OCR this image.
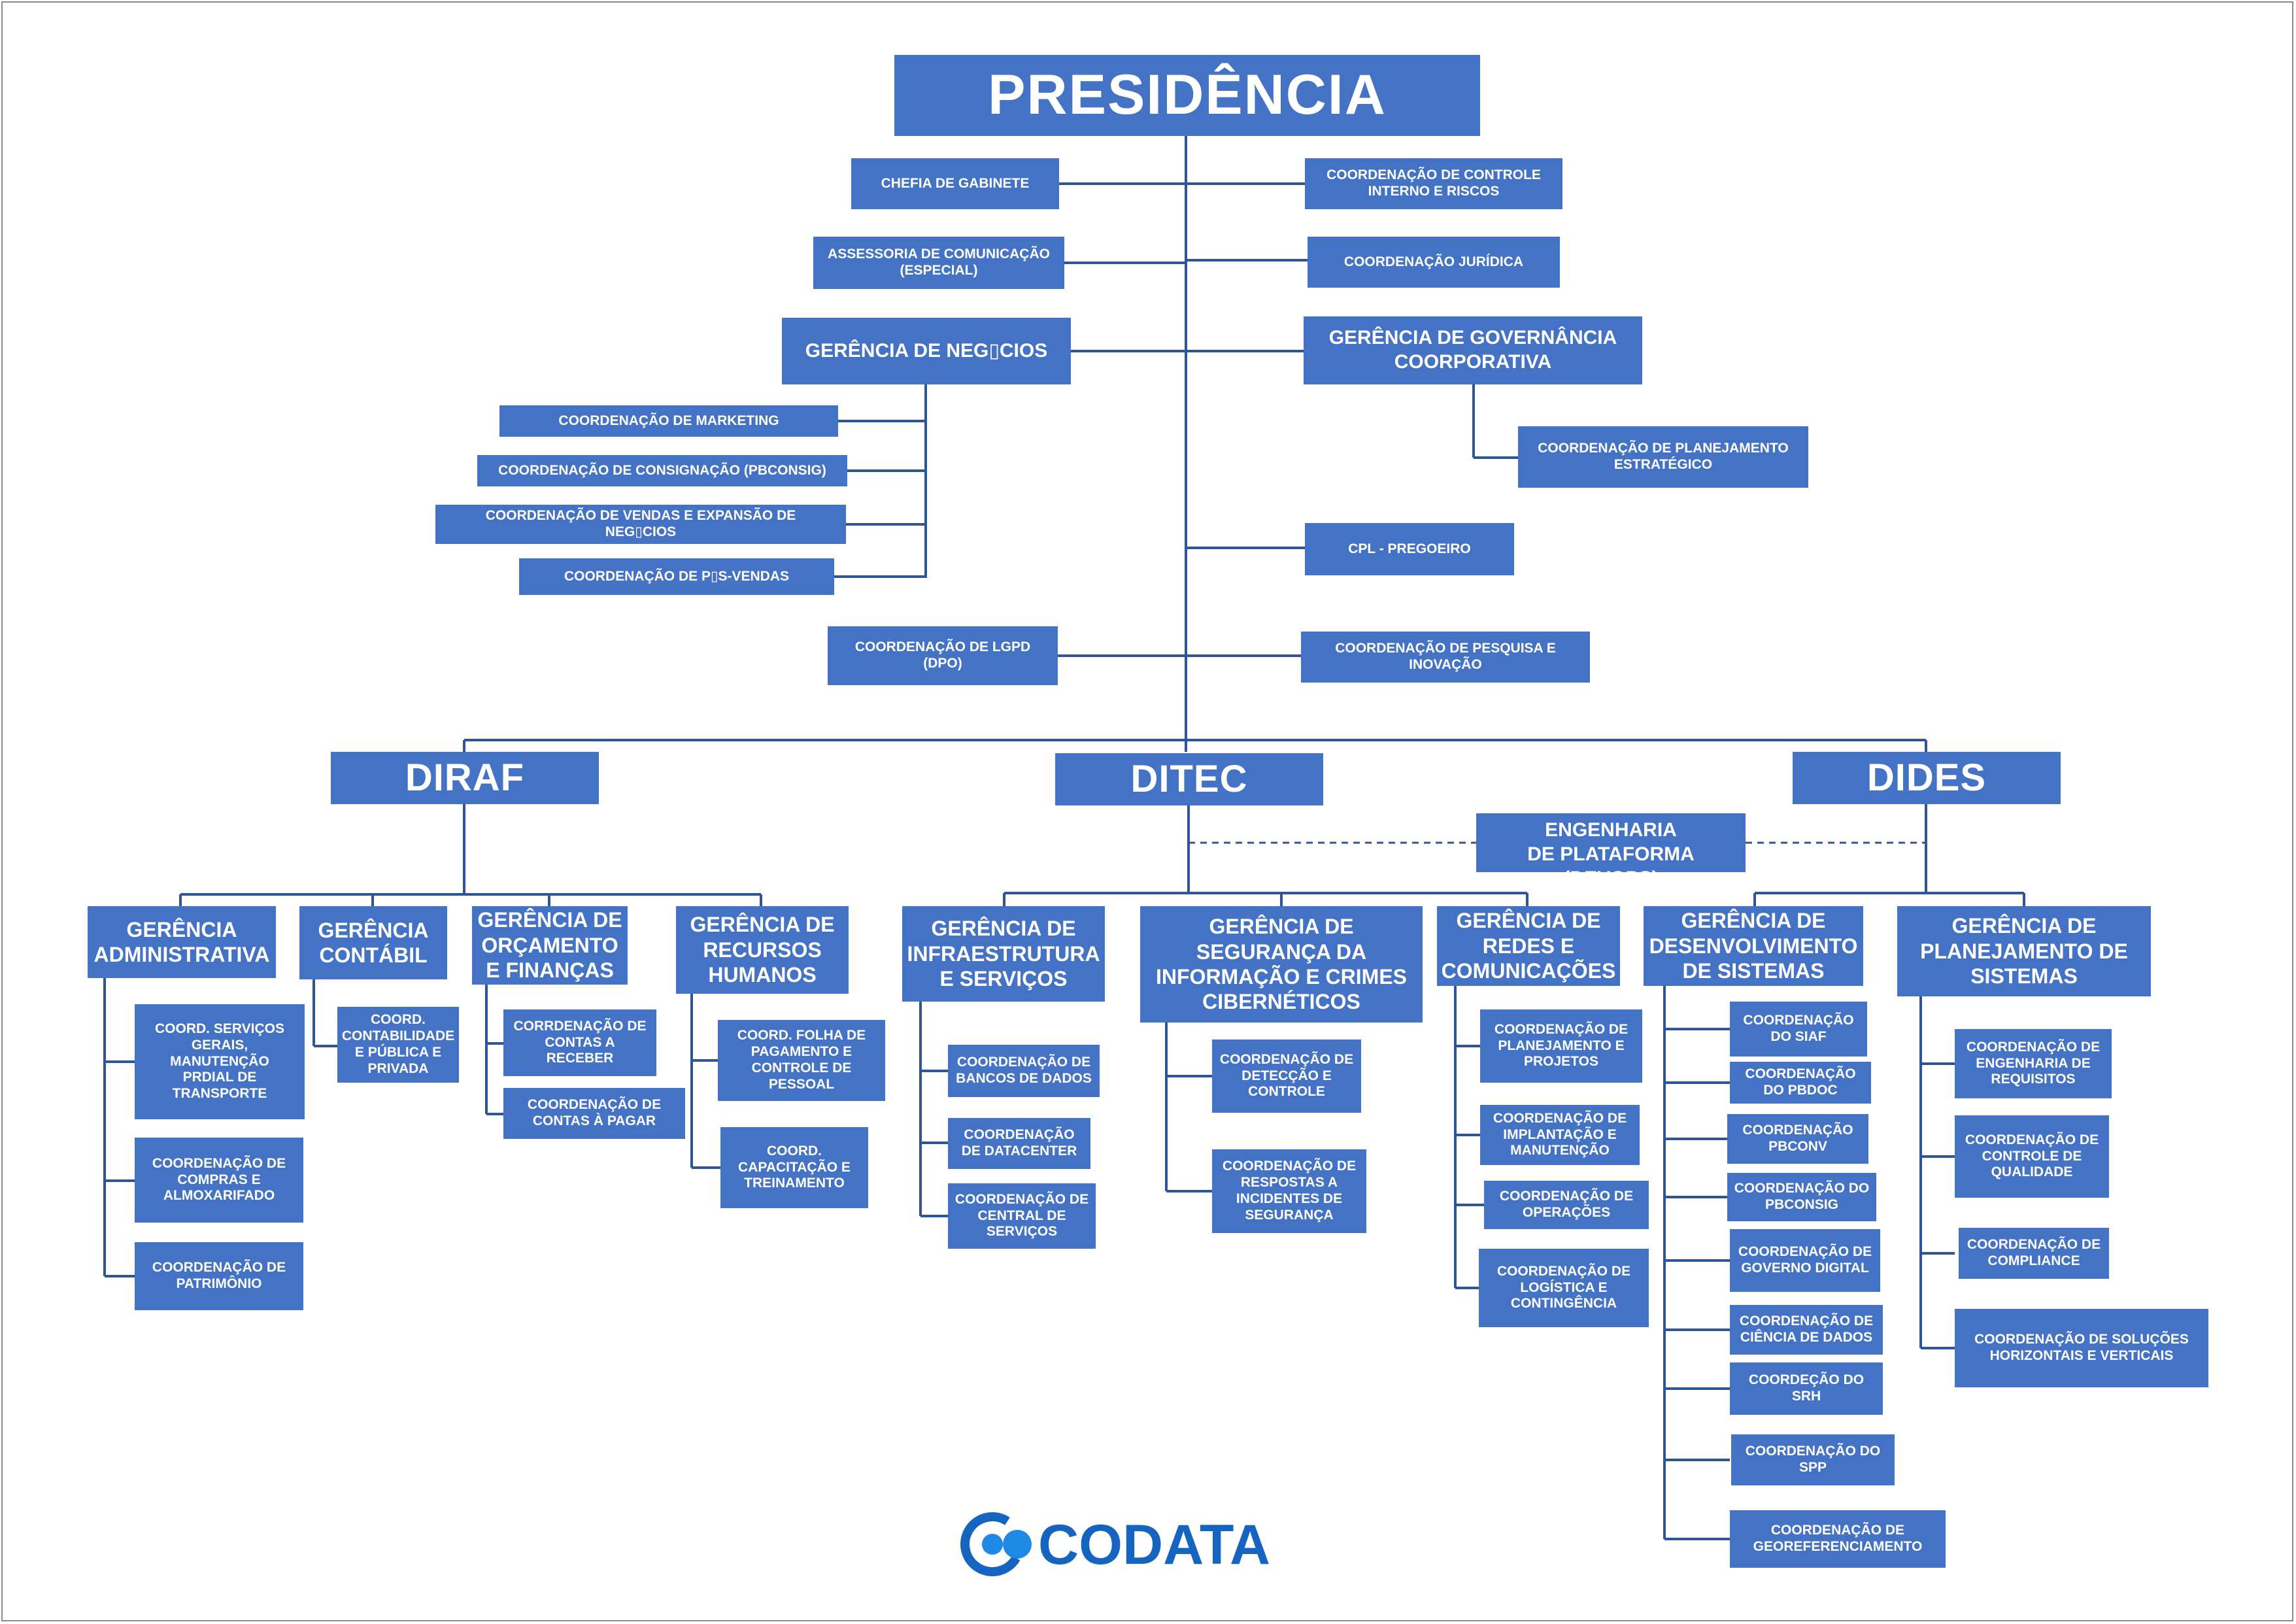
PRESIDÊNCIA
CHEFIA DE GABINETE
COORDENAÇÃO DE CONTROLE
INTERNO E RISCOS
ASSESSORIA DE COMUNICAÇÃO
(ESPECIAL)
COORDENAÇÃO JURÍDICA
GERÊNCIA DE NEG▯CIOS
GERÊNCIA DE GOVERNÂNCIA
COORPORATIVA
COORDENAÇÃO DE MARKETING
COORDENAÇÃO DE CONSIGNAÇÃO (PBCONSIG)
COORDENAÇÃO DE VENDAS E EXPANSÃO DE
NEG▯CIOS
COORDENAÇÃO DE P▯S-VENDAS
COORDENAÇÃO DE PLANEJAMENTO
ESTRATÉGICO
CPL - PREGOEIRO
COORDENAÇÃO DE LGPD
(DPO)
COORDENAÇÃO DE PESQUISA E
INOVAÇÃO
DIRAF	DITEC	DIDES
GERÊNCIA DE ENGENHARIA
DE PLATAFORMA (DEVOPS)
GERÊNCIA
ADMINISTRATIVA
GERÊNCIA
CONTÁBIL
GERÊNCIA DE
ORÇAMENTO
E FINANÇAS
GERÊNCIA DE
RECURSOS
HUMANOS
COORD. SERVIÇOS
GERAIS,
MANUTENÇÃO
PRDIAL DE
TRANSPORTE
COORDENAÇÃO DE
COMPRAS E
ALMOXARIFADO
COORDENAÇÃO DE
PATRIMÔNIO
COORD.
CONTABILIDADE
E PÚBLICA E
PRIVADA
CORRDENAÇÃO DE
CONTAS A
RECEBER
COORDENAÇÃO DE
CONTAS À PAGAR
COORD. FOLHA DE
PAGAMENTO E
CONTROLE DE
PESSOAL
COORD.
CAPACITAÇÃO E
TREINAMENTO
GERÊNCIA DE
INFRAESTRUTURA
E SERVIÇOS
GERÊNCIA DE
SEGURANÇA DA
INFORMAÇÃO E CRIMES
CIBERNÉTICOS
GERÊNCIA DE
REDES E
COMUNICAÇÕES
COORDENAÇÃO DE
BANCOS DE DADOS
COORDENAÇÃO
DE DATACENTER
COORDENAÇÃO DE
CENTRAL DE
SERVIÇOS
COORDENAÇÃO DE
DETECÇÃO E
CONTROLE
COORDENAÇÃO DE
RESPOSTAS A
INCIDENTES DE
SEGURANÇA
COORDENAÇÃO DE
PLANEJAMENTO E
PROJETOS
COORDENAÇÃO DE
IMPLANTAÇÃO E
MANUTENÇÃO
COORDENAÇÃO DE
OPERAÇÕES
COORDENAÇÃO DE
LOGÍSTICA E
CONTINGÊNCIA
GERÊNCIA DE
DESENVOLVIMENTO
DE SISTEMAS
GERÊNCIA DE
PLANEJAMENTO DE
SISTEMAS
COORDENAÇÃO
DO SIAF
COORDENAÇÃO
DO PBDOC
COORDENAÇÃO
PBCONV
COORDENAÇÃO DO
PBCONSIG
COORDENAÇÃO DE
GOVERNO DIGITAL
COORDENAÇÃO DE
CIÊNCIA DE DADOS
COORDEÇÃO DO
SRH
COORDENAÇÃO DO
SPP
COORDENAÇÃO DE
GEOREFERENCIAMENTO
COORDENAÇÃO DE
ENGENHARIA DE
REQUISITOS
COORDENAÇÃO DE
CONTROLE DE
QUALIDADE
COORDENAÇÃO DE
COMPLIANCE
COORDENAÇÃO DE SOLUÇÕES
HORIZONTAIS E VERTICAIS
CODATA
